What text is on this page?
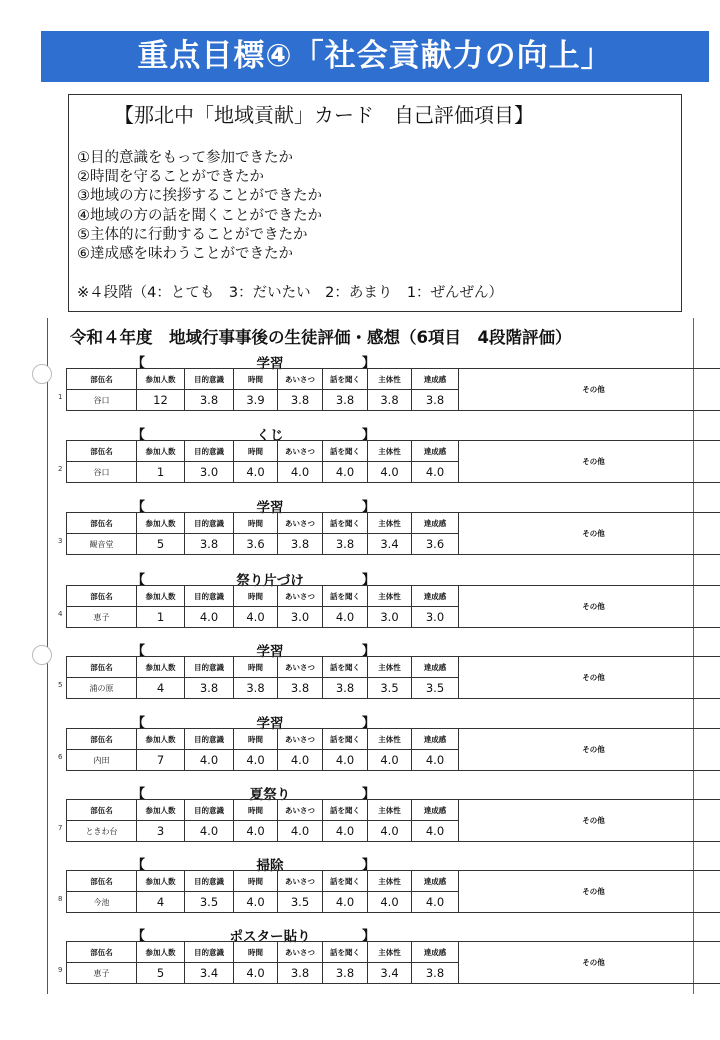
重点目標④「社会貢献力の向上」
【那北中「地域貢献」カード　自己評価項目】
①目的意識をもって参加できたか
②時間を守ることができたか
③地域の方に挨拶することができたか
④地域の方の話を聞くことができたか
⑤主体的に行動することができたか
⑥達成感を味わうことができたか
※４段階（4：とても　3：だいたい　2：あまり　1：ぜんぜん）
令和４年度　地域行事事後の生徒評価・感想（6項目　4段階評価）
【	学習	】
1
部伍名	参加人数	目的意識	時間	あいさつ	話を聞く	主体性	達成感	その他
谷口	12	3.8	3.9	3.8	3.8	3.8	3.8	
【	くじ	】
2
部伍名	参加人数	目的意識	時間	あいさつ	話を聞く	主体性	達成感	その他
谷口	1	3.0	4.0	4.0	4.0	4.0	4.0	
【	学習	】
3
部伍名	参加人数	目的意識	時間	あいさつ	話を聞く	主体性	達成感	その他
観音堂	5	3.8	3.6	3.8	3.8	3.4	3.6	
【	祭り片づけ	】
4
部伍名	参加人数	目的意識	時間	あいさつ	話を聞く	主体性	達成感	その他
恵子	1	4.0	4.0	3.0	4.0	3.0	3.0	
【	学習	】
5
部伍名	参加人数	目的意識	時間	あいさつ	話を聞く	主体性	達成感	その他
浦の原	4	3.8	3.8	3.8	3.8	3.5	3.5	
【	学習	】
6
部伍名	参加人数	目的意識	時間	あいさつ	話を聞く	主体性	達成感	その他
内田	7	4.0	4.0	4.0	4.0	4.0	4.0	
【	夏祭り	】
7
部伍名	参加人数	目的意識	時間	あいさつ	話を聞く	主体性	達成感	その他
ときわ台	3	4.0	4.0	4.0	4.0	4.0	4.0	
【	掃除	】
8
部伍名	参加人数	目的意識	時間	あいさつ	話を聞く	主体性	達成感	その他
今池	4	3.5	4.0	3.5	4.0	4.0	4.0	
【	ポスター貼り	】
9
部伍名	参加人数	目的意識	時間	あいさつ	話を聞く	主体性	達成感	その他
恵子	5	3.4	4.0	3.8	3.8	3.4	3.8	
